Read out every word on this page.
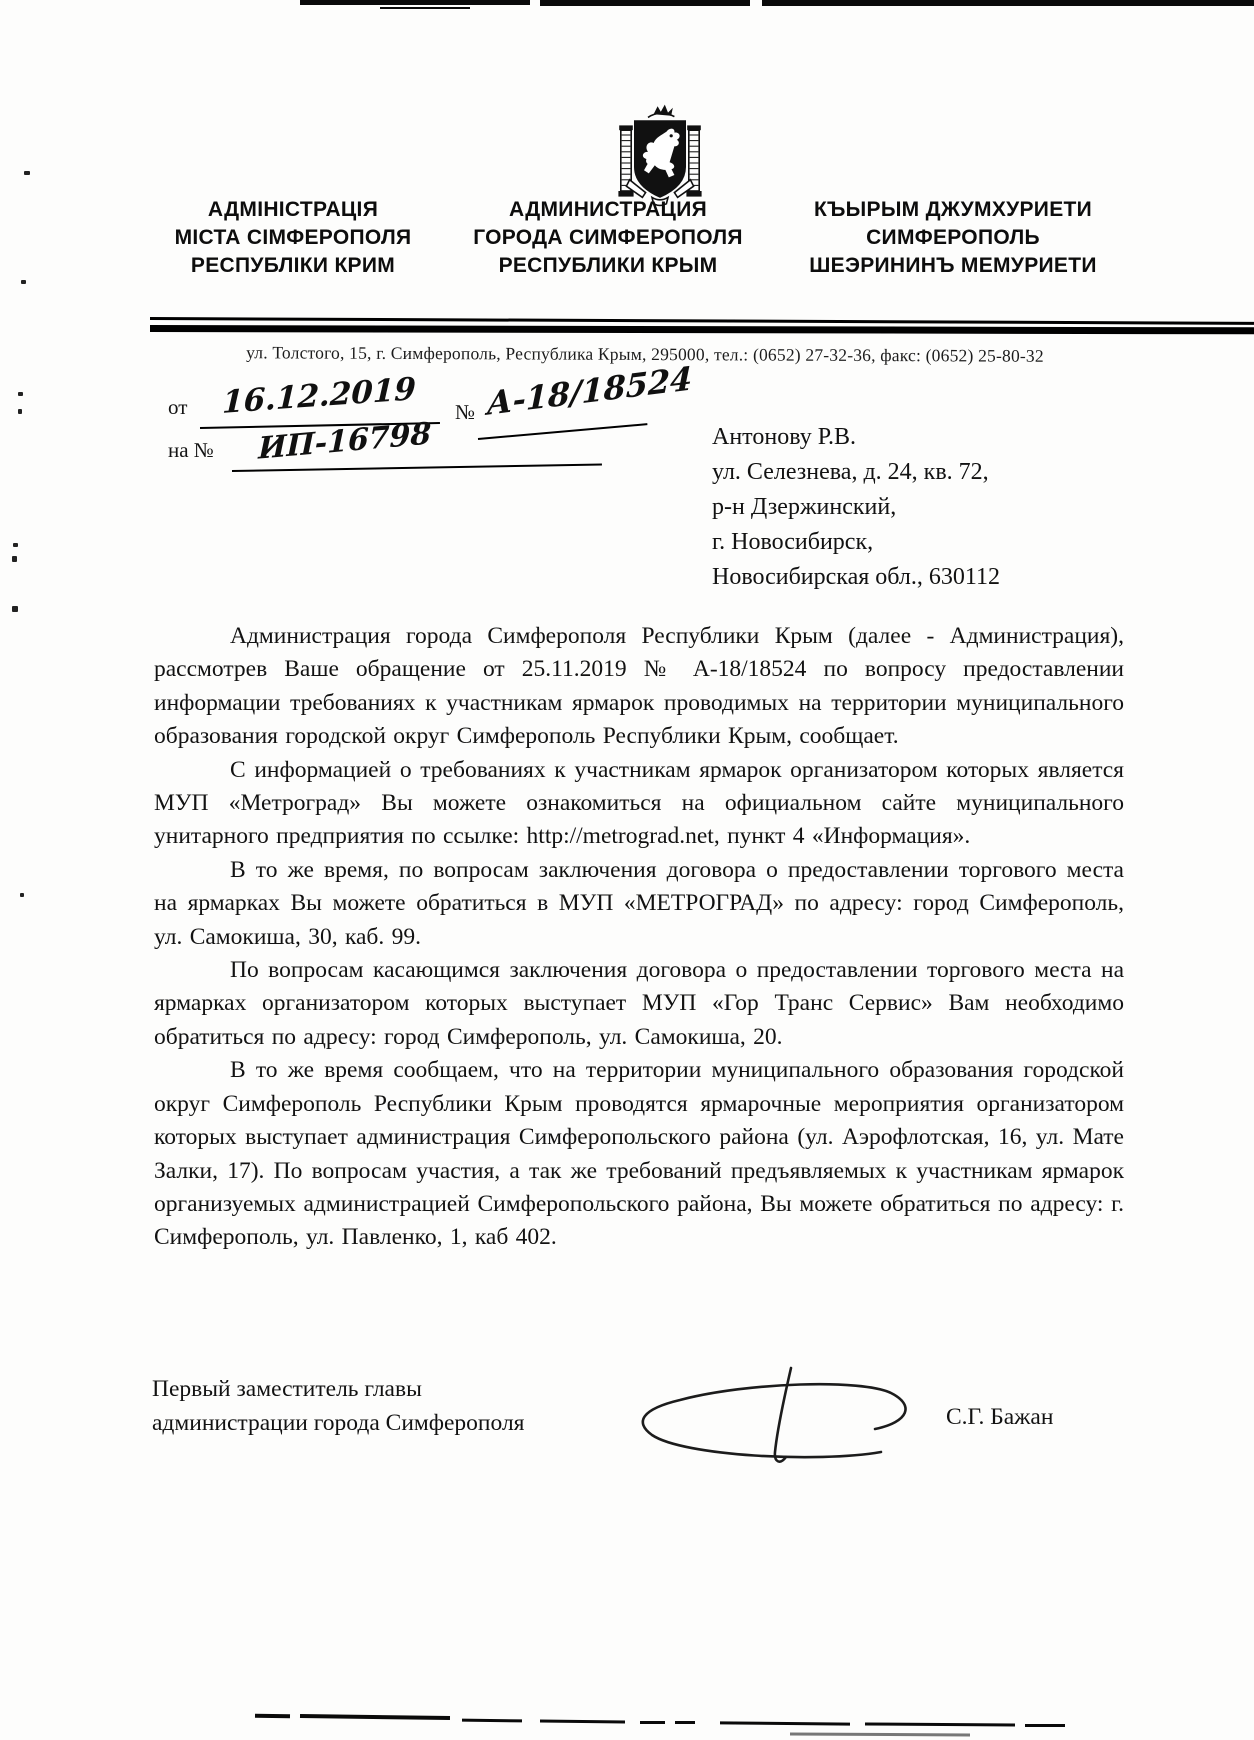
АДМІНІСТРАЦІЯ
МІСТА СІМФЕРОПОЛЯ
РЕСПУБЛІКИ КРИМ
АДМИНИСТРАЦИЯ
ГОРОДА СИМФЕРОПОЛЯ
РЕСПУБЛИКИ КРЫМ
КЪЫРЫМ ДЖУМХУРИЕТИ
СИМФЕРОПОЛЬ
ШЕЭРИНИНЪ МЕМУРИЕТИ
ул. Толстого, 15, г. Симферополь, Республика Крым, 295000, тел.: (0652) 27-32-36, факс: (0652) 25-80-32
от 16.12.2019 № А-18/18524
на № ИП-16798	Антонову Р.В.
ул. Селезнева, д. 24, кв. 72,
р-н Дзержинский,
г. Новосибирск,
Новосибирская обл., 630112

Администрация города Симферополя Республики Крым (далее - Администрация), рассмотрев Ваше обращение от 25.11.2019 № А-18/18524 по вопросу предоставлении информации требованиях к участникам ярмарок проводимых на территории муниципального образования городской округ Симферополь Республики Крым, сообщает.

С информацией о требованиях к участникам ярмарок организатором которых является МУП «Метроград» Вы можете ознакомиться на официальном сайте муниципального унитарного предприятия по ссылке: http://metrograd.net, пункт 4 «Информация».

В то же время, по вопросам заключения договора о предоставлении торгового места на ярмарках Вы можете обратиться в МУП «МЕТРОГРАД» по адресу: город Симферополь, ул. Самокиша, 30, каб. 99.

По вопросам касающимся заключения договора о предоставлении торгового места на ярмарках организатором которых выступает МУП «Гор Транс Сервис» Вам необходимо обратиться по адресу: город Симферополь, ул. Самокиша, 20.

В то же время сообщаем, что на территории муниципального образования городской округ Симферополь Республики Крым проводятся ярмарочные мероприятия организатором которых выступает администрация Симферопольского района (ул. Аэрофлотская, 16, ул. Мате Залки, 17). По вопросам участия, а так же требований предъявляемых к участникам ярмарок организуемых администрацией Симферопольского района, Вы можете обратиться по адресу: г. Симферополь, ул. Павленко, 1, каб 402.

Первый заместитель главы
администрации города Симферополя	С.Г. Бажан
